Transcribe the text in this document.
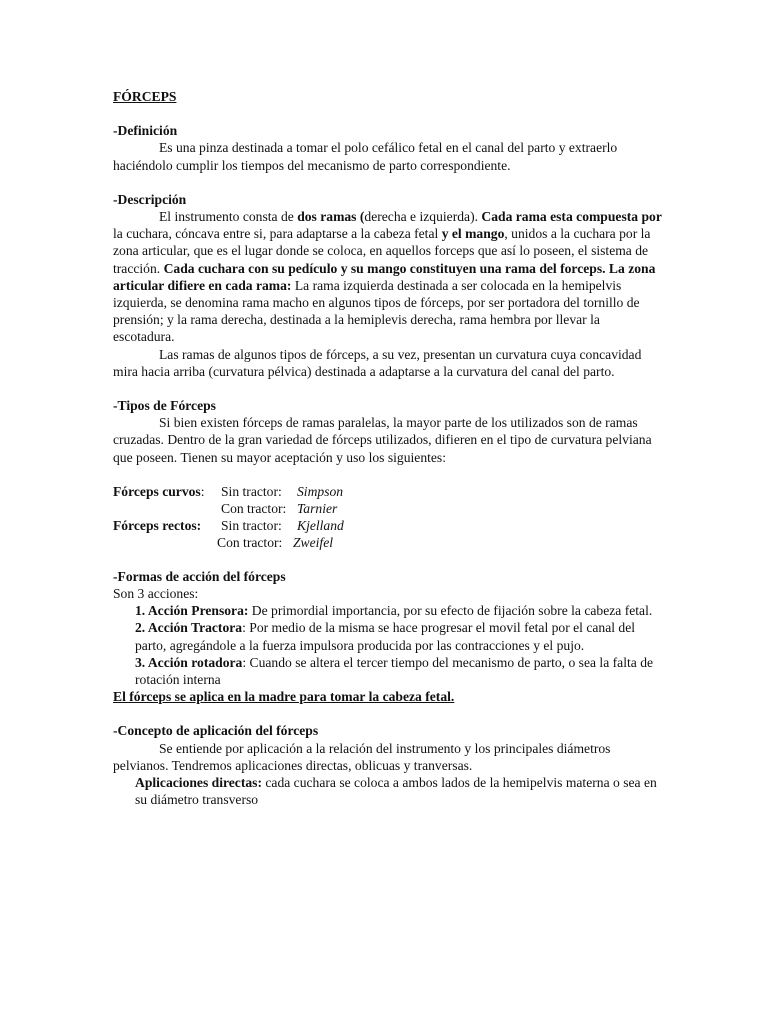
FÓRCEPS

-Definición

Es una pinza destinada a tomar el polo cefálico fetal en el canal del parto y extraerlo haciéndolo cumplir los tiempos del mecanismo de parto correspondiente.

-Descripción

El instrumento consta de dos ramas (derecha e izquierda). Cada rama esta compuesta por la cuchara, cóncava entre si, para adaptarse a la cabeza fetal y el mango, unidos a la cuchara por la zona articular, que es el lugar donde se coloca, en aquellos forceps que así lo poseen, el sistema de tracción. Cada cuchara con su pedículo y su mango constituyen una rama del forceps. La zona articular difiere en cada rama: La rama izquierda destinada a ser colocada en la hemipelvis izquierda, se denomina rama macho en algunos tipos de fórceps, por ser portadora del tornillo de prensión; y la rama derecha, destinada a la hemiplevis derecha, rama hembra por llevar la escotadura.

Las ramas de algunos tipos de fórceps, a su vez, presentan un curvatura cuya concavidad mira hacia arriba (curvatura pélvica) destinada a adaptarse a la curvatura del canal del parto.

-Tipos de Fórceps

Si bien existen fórceps de ramas paralelas, la mayor parte de los utilizados son de ramas cruzadas. Dentro de la gran variedad de fórceps utilizados, difieren en el tipo de curvatura pelviana que poseen. Tienen su mayor aceptación y uso los siguientes:

Fórceps curvos:	Sin tractor:	Simpson
Con tractor: Tarnier
Fórceps rectos:	Sin tractor:	Kjelland
Con tractor: Zweifel

-Formas de acción del fórceps

Son 3 acciones:

1. Acción Prensora: De primordial importancia, por su efecto de fijación sobre la cabeza fetal.

2. Acción Tractora: Por medio de la misma se hace progresar el movil fetal por el canal del parto, agregándole a la fuerza impulsora producida por las contracciones y el pujo.

3. Acción rotadora: Cuando se altera el tercer tiempo del mecanismo de parto, o sea la falta de rotación interna

El fórceps se aplica en la madre para tomar la cabeza fetal.

-Concepto de aplicación del fórceps

Se entiende por aplicación a la relación del instrumento y los principales diámetros pelvianos. Tendremos aplicaciones directas, oblicuas y tranversas.

Aplicaciones directas: cada cuchara se coloca a ambos lados de la hemipelvis materna o sea en su diámetro transverso
